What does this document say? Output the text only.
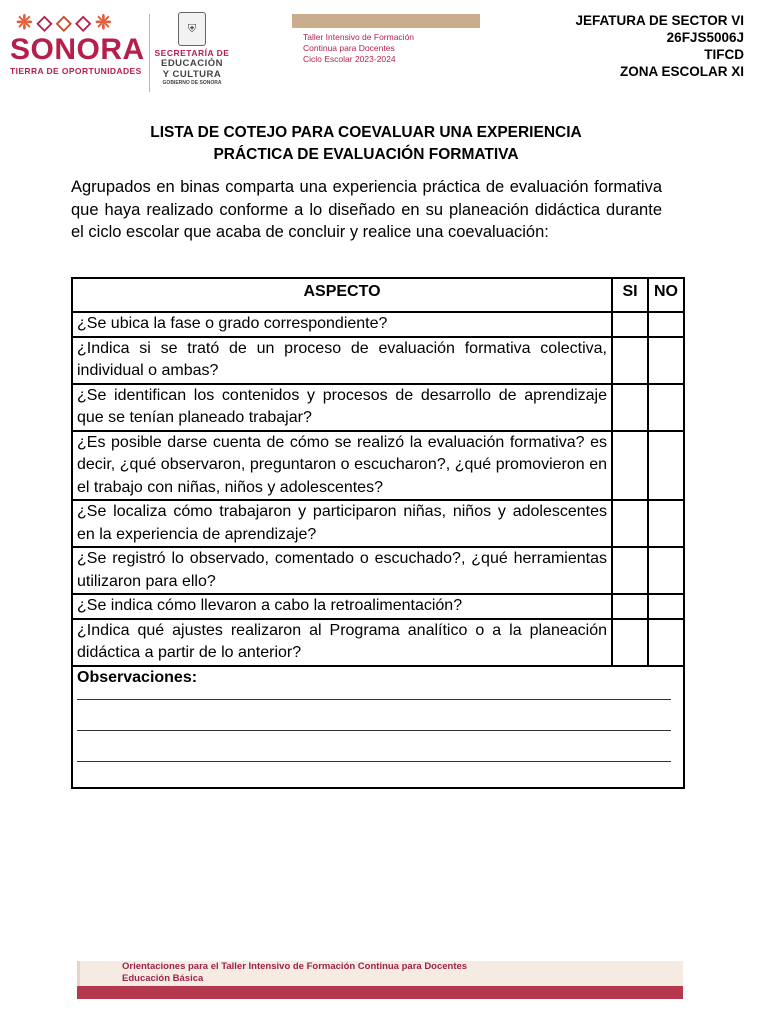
❈ ◇ ◇ ◇ ❈
SONORA
TIERRA DE OPORTUNIDADES
⛨
SECRETARÍA DE
EDUCACIÓN
Y CULTURA
GOBIERNO DE SONORA
Taller Intensivo de Formación
Continua para Docentes
Ciclo Escolar 2023-2024
JEFATURA DE SECTOR VI
26FJS5006J
TIFCD
ZONA ESCOLAR XI
LISTA DE COTEJO PARA COEVALUAR UNA EXPERIENCIA
PRÁCTICA DE EVALUACIÓN FORMATIVA
Agrupados en binas comparta una experiencia práctica de evaluación formativa que haya realizado conforme a lo diseñado en su planeación didáctica durante el ciclo escolar que acaba de concluir y realice una coevaluación:
ASPECTO	SI	NO
¿Se ubica la fase o grado correspondiente?		
¿Indica si se trató de un proceso de evaluación formativa colectiva, individual o ambas?		
¿Se identifican los contenidos y procesos de desarrollo de aprendizaje que se tenían planeado trabajar?		
¿Es posible darse cuenta de cómo se realizó la evaluación formativa? es decir, ¿qué observaron, preguntaron o escucharon?, ¿qué promovieron en el trabajo con niñas, niños y adolescentes?		
¿Se localiza cómo trabajaron y participaron niñas, niños y adolescentes en la experiencia de aprendizaje?		
¿Se registró lo observado, comentado o escuchado?, ¿qué herramientas utilizaron para ello?		
¿Se indica cómo llevaron a cabo la retroalimentación?		
¿Indica qué ajustes realizaron al Programa analítico o a la planeación didáctica a partir de lo anterior?		

Observaciones:		
Orientaciones para el Taller Intensivo de Formación Continua para Docentes
Educación Básica
